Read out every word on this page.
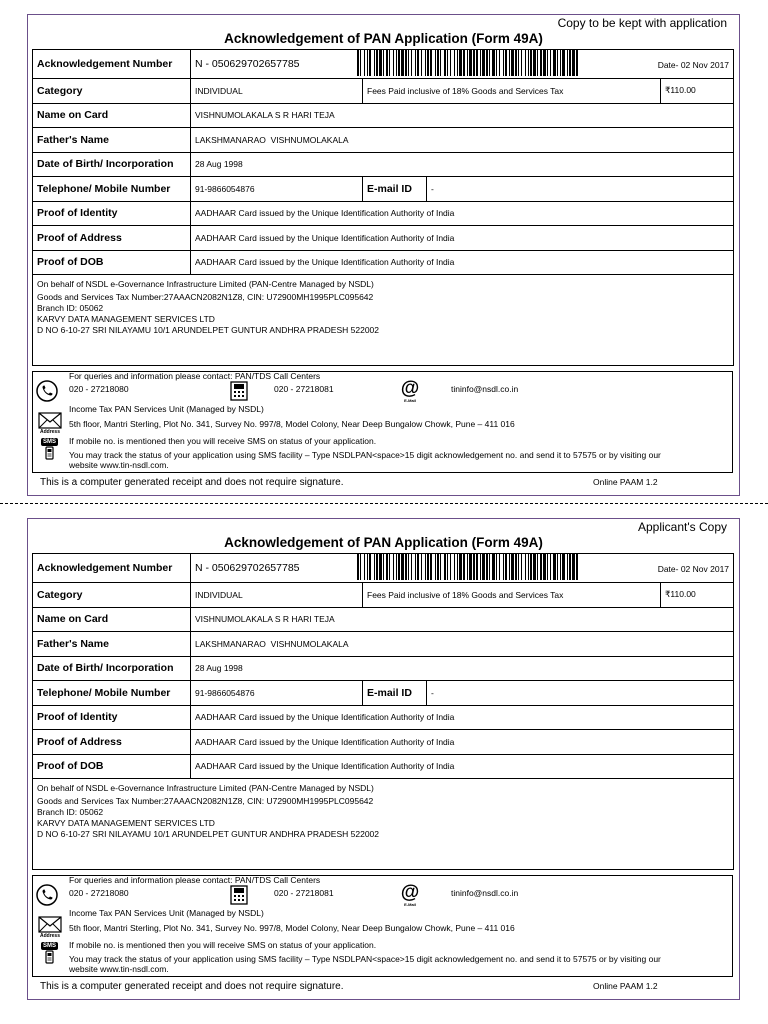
Copy to be kept with application
Acknowledgement of PAN Application (Form 49A)
Acknowledgement Number	N - 050629702657785 Date- 02 Nov 2017			

Category	INDIVIDUAL	Fees Paid inclusive of 18% Goods and Services Tax		₹110.00
Name on Card	VISHNUMOLAKALA S R HARI TEJA			
Father's Name	LAKSHMANARAO  VISHNUMOLAKALA			
Date of Birth/ Incorporation	28 Aug 1998			
Telephone/ Mobile Number	91-9866054876	E-mail ID	-	
Proof of Identity	AADHAAR Card issued by the Unique Identification Authority of India			
Proof of Address	AADHAAR Card issued by the Unique Identification Authority of India			
Proof of DOB	AADHAAR Card issued by the Unique Identification Authority of India			

On behalf of NSDL e-Governance Infrastructure Limited (PAN-Centre Managed by NSDL)
Goods and Services Tax Number:27AAACN2082N1Z8, CIN: U72900MH1995PLC095642
Branch ID: 05062
KARVY DATA MANAGEMENT SERVICES LTD
D NO 6-10-27 SRI NILAYAMU 10/1 ARUNDELPET GUNTUR ANDHRA PRADESH 522002				
For queries and information please contact: PAN/TDS Call Centers
020 - 27218080	020 - 27218081	@
E-Mail
tininfo@nsdl.co.in
Income Tax PAN Services Unit (Managed by NSDL)
Address
5th floor, Mantri Sterling, Plot No. 341, Survey No. 997/8, Model Colony, Near Deep Bungalow Chowk, Pune – 411 016
SMS If mobile no. is mentioned then you will receive SMS on status of your application.
You may track the status of your application using SMS facility – Type NSDLPAN<space>15 digit acknowledgement no. and send it to 57575 or by visiting our
website www.tin-nsdl.com.
This is a computer generated receipt and does not require signature.	Online PAAM 1.2
Applicant's Copy
Acknowledgement of PAN Application (Form 49A)
Acknowledgement Number	N - 050629702657785 Date- 02 Nov 2017			

Category	INDIVIDUAL	Fees Paid inclusive of 18% Goods and Services Tax		₹110.00
Name on Card	VISHNUMOLAKALA S R HARI TEJA			
Father's Name	LAKSHMANARAO  VISHNUMOLAKALA			
Date of Birth/ Incorporation	28 Aug 1998			
Telephone/ Mobile Number	91-9866054876	E-mail ID	-	
Proof of Identity	AADHAAR Card issued by the Unique Identification Authority of India			
Proof of Address	AADHAAR Card issued by the Unique Identification Authority of India			
Proof of DOB	AADHAAR Card issued by the Unique Identification Authority of India			

On behalf of NSDL e-Governance Infrastructure Limited (PAN-Centre Managed by NSDL)
Goods and Services Tax Number:27AAACN2082N1Z8, CIN: U72900MH1995PLC095642
Branch ID: 05062
KARVY DATA MANAGEMENT SERVICES LTD
D NO 6-10-27 SRI NILAYAMU 10/1 ARUNDELPET GUNTUR ANDHRA PRADESH 522002				
For queries and information please contact: PAN/TDS Call Centers
020 - 27218080	020 - 27218081	@
E-Mail
tininfo@nsdl.co.in
Income Tax PAN Services Unit (Managed by NSDL)
Address
5th floor, Mantri Sterling, Plot No. 341, Survey No. 997/8, Model Colony, Near Deep Bungalow Chowk, Pune – 411 016
SMS If mobile no. is mentioned then you will receive SMS on status of your application.
You may track the status of your application using SMS facility – Type NSDLPAN<space>15 digit acknowledgement no. and send it to 57575 or by visiting our
website www.tin-nsdl.com.
This is a computer generated receipt and does not require signature.	Online PAAM 1.2
